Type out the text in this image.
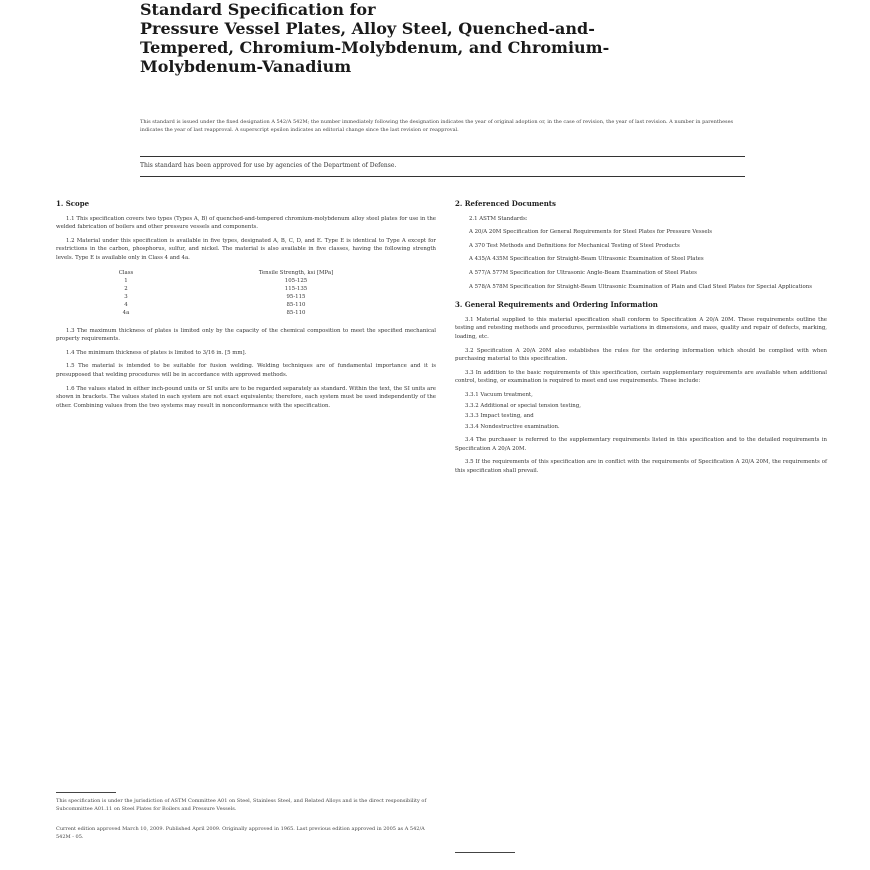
Standard Specification for
Pressure Vessel Plates, Alloy Steel, Quenched-and-
Tempered, Chromium-Molybdenum, and Chromium-
Molybdenum-Vanadium
This standard is issued under the fixed designation A 542/A 542M; the number immediately following the designation indicates the year of original adoption or, in the case of revision, the year of last revision. A number in parentheses indicates the year of last reapproval. A superscript epsilon indicates an editorial change since the last revision or reapproval.
This standard has been approved for use by agencies of the Department of Defense.
1. Scope
1.1 This specification covers two types (Types A, B) of quenched-and-tempered chromium-molybdenum alloy steel plates for use in the welded fabrication of boilers and other pressure vessels and components.
1.2 Material under this specification is available in five types, designated A, B, C, D, and E. Type E is identical to Type A except for restrictions in the carbon, phosphorus, sulfur, and nickel. The material is also available in five classes, having the following strength levels. Type E is available only in Class 4 and 4a.
Class	Tensile Strength, ksi [MPa]
1	105-125
2	115-135
3	95-115
4	85-110
4a	85-110
1.3 The maximum thickness of plates is limited only by the capacity of the chemical composition to meet the specified mechanical property requirements.
1.4 The minimum thickness of plates is limited to 3/16 in. [5 mm].
1.5 The material is intended to be suitable for fusion welding. Welding techniques are of fundamental importance and it is presupposed that welding procedures will be in accordance with approved methods.
1.6 The values stated in either inch-pound units or SI units are to be regarded separately as standard. Within the text, the SI units are shown in brackets. The values stated in each system are not exact equivalents; therefore, each system must be used independently of the other. Combining values from the two systems may result in nonconformance with the specification.
This specification is under the jurisdiction of ASTM Committee A01 on Steel, Stainless Steel, and Related Alloys and is the direct responsibility of Subcommittee A01.11 on Steel Plates for Boilers and Pressure Vessels.
Current edition approved March 10, 2009. Published April 2009. Originally approved in 1965. Last previous edition approved in 2005 as A 542/A 542M - 05.
2. Referenced Documents
2.1 ASTM Standards:
A 20/A 20M Specification for General Requirements for Steel Plates for Pressure Vessels
A 370 Test Methods and Definitions for Mechanical Testing of Steel Products
A 435/A 435M Specification for Straight-Beam Ultrasonic Examination of Steel Plates
A 577/A 577M Specification for Ultrasonic Angle-Beam Examination of Steel Plates
A 578/A 578M Specification for Straight-Beam Ultrasonic Examination of Plain and Clad Steel Plates for Special Applications
3. General Requirements and Ordering Information
3.1 Material supplied to this material specification shall conform to Specification A 20/A 20M. These requirements outline the testing and retesting methods and procedures, permissible variations in dimensions, and mass, quality and repair of defects, marking, loading, etc.
3.2 Specification A 20/A 20M also establishes the rules for the ordering information which should be complied with when purchasing material to this specification.
3.3 In addition to the basic requirements of this specification, certain supplementary requirements are available when additional control, testing, or examination is required to meet end use requirements. These include:
3.3.1 Vacuum treatment,
3.3.2 Additional or special tension testing,
3.3.3 Impact testing, and
3.3.4 Nondestructive examination.
3.4 The purchaser is referred to the supplementary requirements listed in this specification and to the detailed requirements in Specification A 20/A 20M.
3.5 If the requirements of this specification are in conflict with the requirements of Specification A 20/A 20M, the requirements of this specification shall prevail.
